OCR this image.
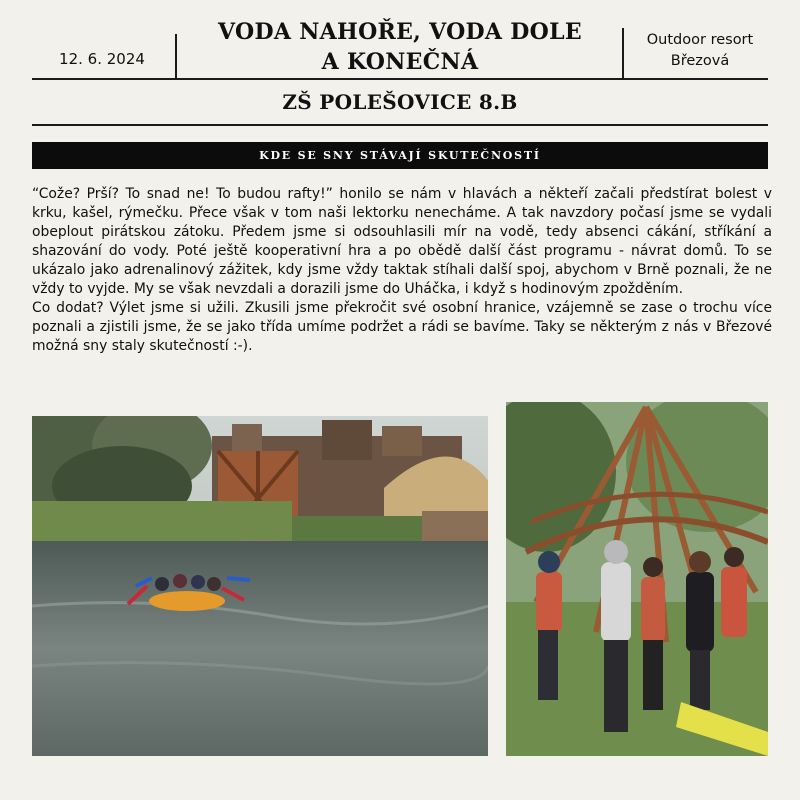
12. 6. 2024
VODA NAHOŘE, VODA DOLE
A KONEČNÁ
Outdoor resort
Březová
ZŠ POLEŠOVICE 8.B
KDE SE SNY STÁVAJÍ SKUTEČNOSTÍ

“Cože? Prší? To snad ne! To budou rafty!” honilo se nám v hlavách a někteří začali předstírat bolest v krku, kašel, rýmečku. Přece však v tom naši lektorku nenecháme. A tak navzdory počasí jsme se vydali obeplout pirátskou zátoku. Předem jsme si odsouhlasili mír na vodě, tedy absenci cákání, stříkání a shazování do vody. Poté ještě kooperativní hra a po obědě další část programu - návrat domů. To se ukázalo jako adrenalinový zážitek, kdy jsme vždy taktak stíhali další spoj, abychom v Brně poznali, že ne vždy to vyjde. My se však nevzdali a dorazili jsme do Uháčka, i když s hodinovým zpožděním.

Co dodat? Výlet jsme si užili. Zkusili jsme překročit své osobní hranice, vzájemně se zase o trochu více poznali a zjistili jsme, že se jako třída umíme podržet a rádi se bavíme. Taky se některým z nás v Březové možná sny staly skutečností :-).
